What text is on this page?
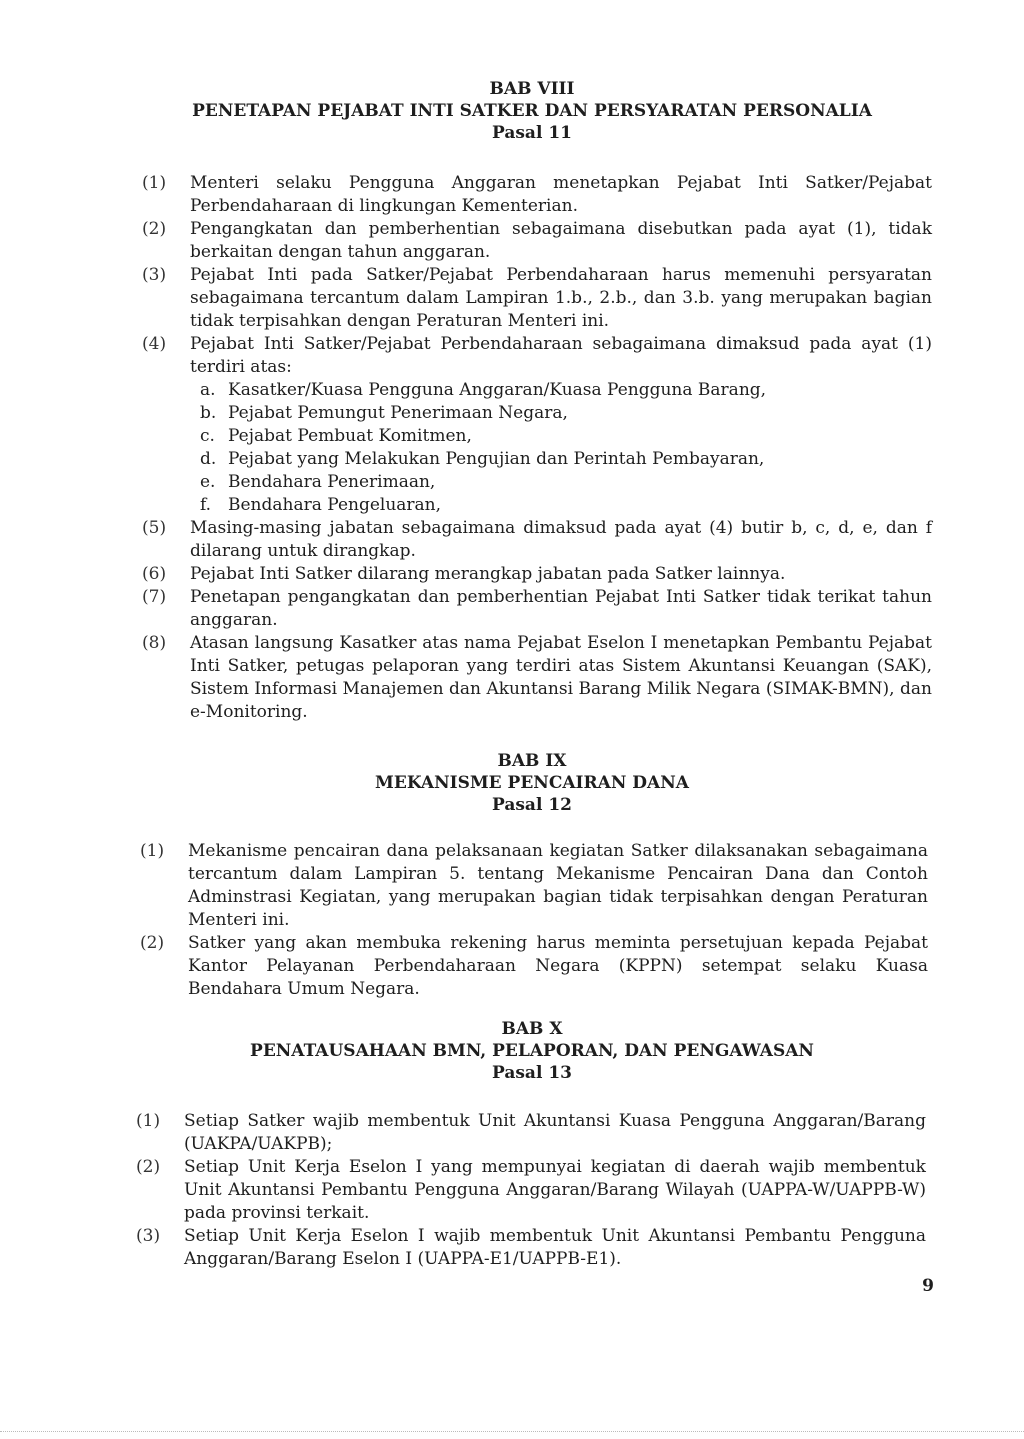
BAB VIII

PENETAPAN PEJABAT INTI SATKER DAN PERSYARATAN PERSONALIA

Pasal 11

(1)	Menteri selaku Pengguna Anggaran menetapkan Pejabat Inti Satker/Pejabat Perbendaharaan di lingkungan Kementerian.
(2)	Pengangkatan dan pemberhentian sebagaimana disebutkan pada ayat (1), tidak berkaitan dengan tahun anggaran.
(3)	Pejabat Inti pada Satker/Pejabat Perbendaharaan harus memenuhi persyaratan sebagaimana tercantum dalam Lampiran 1.b., 2.b., dan 3.b. yang merupakan bagian tidak terpisahkan dengan Peraturan Menteri ini.
(4)	Pejabat Inti Satker/Pejabat Perbendaharaan sebagaimana dimaksud pada ayat (1) terdiri atas:
a. Kasatker/Kuasa Pengguna Anggaran/Kuasa Pengguna Barang,
b. Pejabat Pemungut Penerimaan Negara,
c. Pejabat Pembuat Komitmen,
d. Pejabat yang Melakukan Pengujian dan Perintah Pembayaran,
e. Bendahara Penerimaan,
f. Bendahara Pengeluaran,
(5)	Masing-masing jabatan sebagaimana dimaksud pada ayat (4) butir b, c, d, e, dan f dilarang untuk dirangkap.
(6)	Pejabat Inti Satker dilarang merangkap jabatan pada Satker lainnya.
(7)	Penetapan pengangkatan dan pemberhentian Pejabat Inti Satker tidak terikat tahun anggaran.
(8)	Atasan langsung Kasatker atas nama Pejabat Eselon I menetapkan Pembantu Pejabat Inti Satker, petugas pelaporan yang terdiri atas Sistem Akuntansi Keuangan (SAK), Sistem Informasi Manajemen dan Akuntansi Barang Milik Negara (SIMAK-BMN), dan e-Monitoring.

BAB IX

MEKANISME PENCAIRAN DANA

Pasal 12

(1)	Mekanisme pencairan dana pelaksanaan kegiatan Satker dilaksanakan sebagaimana tercantum dalam Lampiran 5. tentang Mekanisme Pencairan Dana dan Contoh Adminstrasi Kegiatan, yang merupakan bagian tidak terpisahkan dengan Peraturan Menteri ini.
(2)	Satker yang akan membuka rekening harus meminta persetujuan kepada Pejabat Kantor Pelayanan Perbendaharaan Negara (KPPN) setempat selaku Kuasa Bendahara Umum Negara.

BAB X

PENATAUSAHAAN BMN, PELAPORAN, DAN PENGAWASAN

Pasal 13

(1)	Setiap Satker wajib membentuk Unit Akuntansi Kuasa Pengguna Anggaran/Barang (UAKPA/UAKPB);
(2)	Setiap Unit Kerja Eselon I yang mempunyai kegiatan di daerah wajib membentuk Unit Akuntansi Pembantu Pengguna Anggaran/Barang Wilayah (UAPPA-W/UAPPB-W) pada provinsi terkait.
(3)	Setiap Unit Kerja Eselon I wajib membentuk Unit Akuntansi Pembantu Pengguna Anggaran/Barang Eselon I (UAPPA-E1/UAPPB-E1).
9
